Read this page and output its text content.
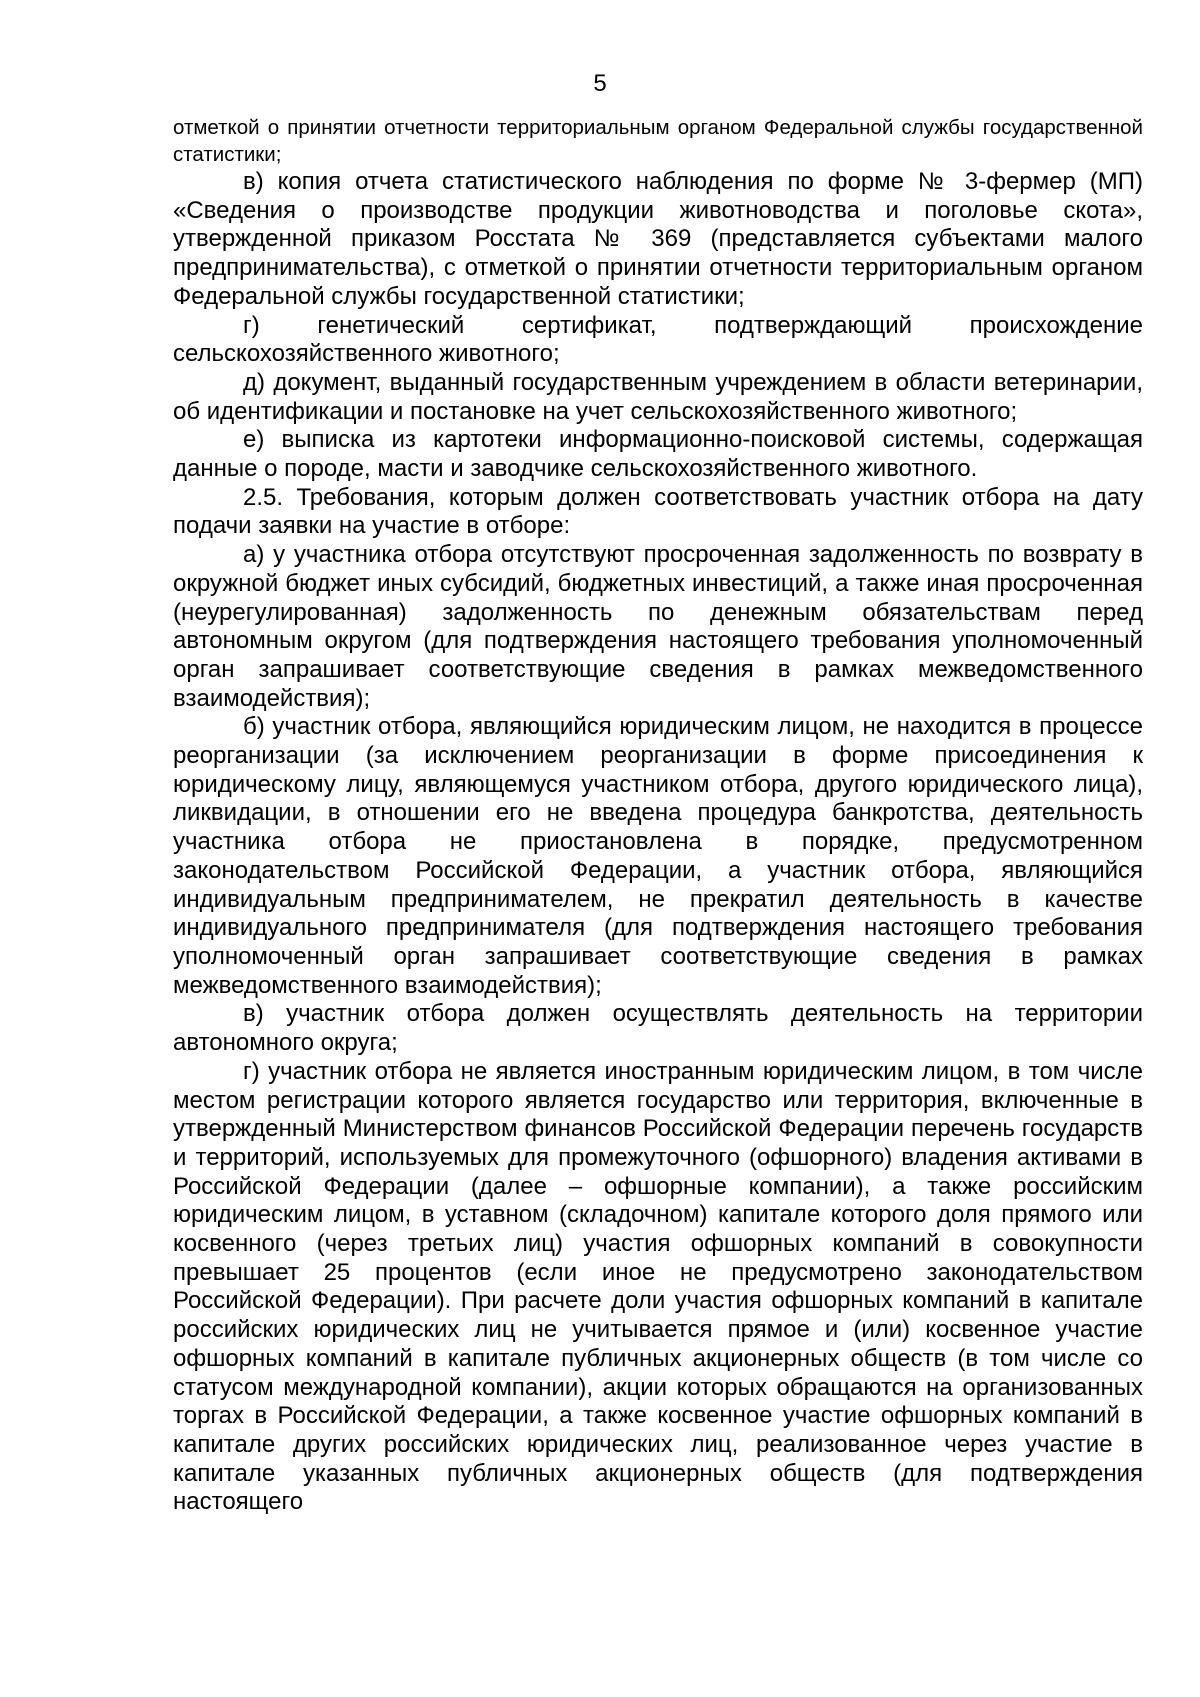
5

отметкой о принятии отчетности территориальным органом Федеральной службы государственной статистики;

в) копия отчета статистического наблюдения по форме № 3-фермер (МП) «Сведения о производстве продукции животноводства и поголовье скота», утвержденной приказом Росстата № 369 (представляется субъектами малого предпринимательства), с отметкой о принятии отчетности территориальным органом Федеральной службы государственной статистики;

г) генетический сертификат, подтверждающий происхождение сельскохозяйственного животного;

д) документ, выданный государственным учреждением в области ветеринарии, об идентификации и постановке на учет сельскохозяйственного животного;

е) выписка из картотеки информационно-поисковой системы, содержащая данные о породе, масти и заводчике сельскохозяйственного животного.

2.5. Требования, которым должен соответствовать участник отбора на дату подачи заявки на участие в отборе:

а) у участника отбора отсутствуют просроченная задолженность по возврату в окружной бюджет иных субсидий, бюджетных инвестиций, а также иная просроченная (неурегулированная) задолженность по денежным обязательствам перед автономным округом (для подтверждения настоящего требования уполномоченный орган запрашивает соответствующие сведения в рамках межведомственного взаимодействия);

б) участник отбора, являющийся юридическим лицом, не находится в процессе реорганизации (за исключением реорганизации в форме присоединения к юридическому лицу, являющемуся участником отбора, другого юридического лица), ликвидации, в отношении его не введена процедура банкротства, деятельность участника отбора не приостановлена в порядке, предусмотренном законодательством Российской Федерации, а участник отбора, являющийся индивидуальным предпринимателем, не прекратил деятельность в качестве индивидуального предпринимателя (для подтверждения настоящего требования уполномоченный орган запрашивает соответствующие сведения в рамках межведомственного взаимодействия);

в) участник отбора должен осуществлять деятельность на территории автономного округа;

г) участник отбора не является иностранным юридическим лицом, в том числе местом регистрации которого является государство или территория, включенные в утвержденный Министерством финансов Российской Федерации перечень государств и территорий, используемых для промежуточного (офшорного) владения активами в Российской Федерации (далее – офшорные компании), а также российским юридическим лицом, в уставном (складочном) капитале которого доля прямого или косвенного (через третьих лиц) участия офшорных компаний в совокупности превышает 25 процентов (если иное не предусмотрено законодательством Российской Федерации). При расчете доли участия офшорных компаний в капитале российских юридических лиц не учитывается прямое и (или) косвенное участие офшорных компаний в капитале публичных акционерных обществ (в том числе со статусом международной компании), акции которых обращаются на организованных торгах в Российской Федерации, а также косвенное участие офшорных компаний в капитале других российских юридических лиц, реализованное через участие в капитале указанных публичных акционерных обществ (для подтверждения настоящего
